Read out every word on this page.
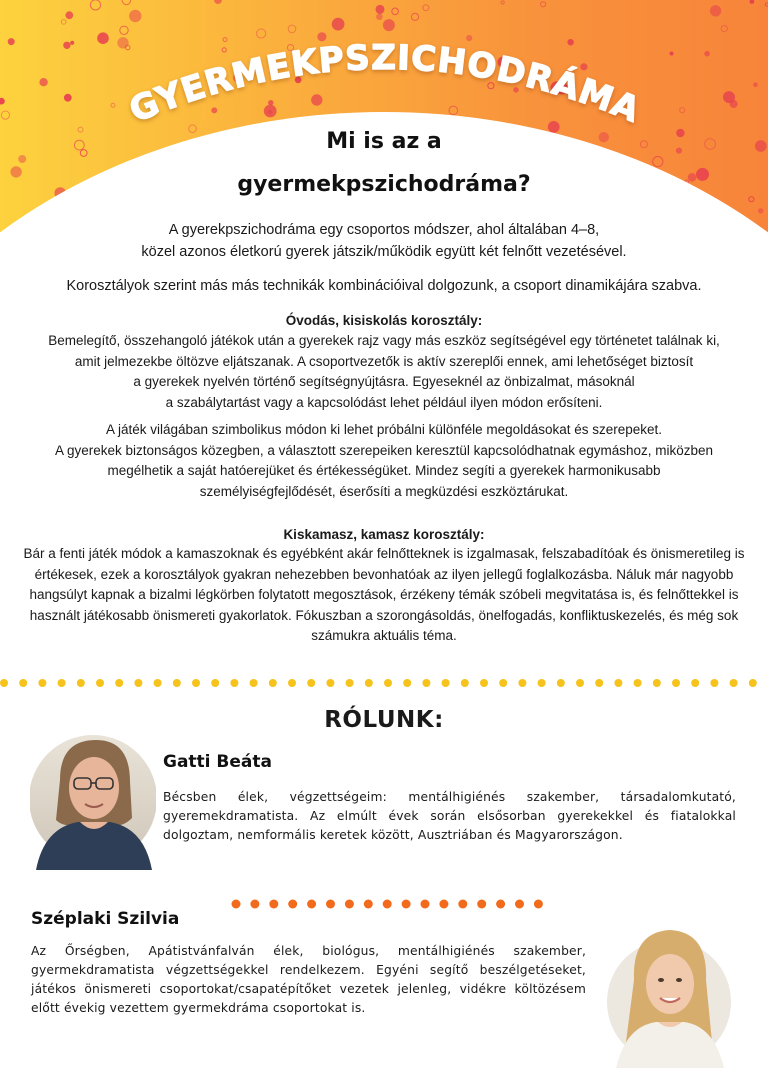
GYERMEKPSZICHODRÁMA
Mi is az a
gyermekpszichodráma?
A gyerekpszichodráma egy csoportos módszer, ahol általában 4–8,
közel azonos életkorú gyerek játszik/működik együtt két felnőtt vezetésével.
Korosztályok szerint más más technikák kombinációival dolgozunk, a csoport dinamikájára szabva.
Óvodás, kisiskolás korosztály:
Bemelegítő, összehangoló játékok után a gyerekek rajz vagy más eszköz segítségével egy történetet találnak ki,
amit jelmezekbe öltözve eljátszanak. A csoportvezetők is aktív szereplői ennek, ami lehetőséget biztosít
a gyerekek nyelvén történő segítségnyújtásra. Egyeseknél az önbizalmat, másoknál
a szabálytartást vagy a kapcsolódást lehet például ilyen módon erősíteni.
A játék világában szimbolikus módon ki lehet próbálni különféle megoldásokat és szerepeket.
A gyerekek biztonságos közegben, a választott szerepeiken keresztül kapcsolódhatnak egymáshoz, miközben
megélhetik a saját hatóerejüket és értékességüket. Mindez segíti a gyerekek harmonikusabb
személyiségfejlődését, éserősíti a megküzdési eszköztárukat.
Kiskamasz, kamasz korosztály:
Bár a fenti játék módok a kamaszoknak és egyébként akár felnőtteknek is izgalmasak, felszabadítóak és önismeretileg is
értékesek, ezek a korosztályok gyakran nehezebben bevonhatóak az ilyen jellegű foglalkozásba. Náluk már nagyobb
hangsúlyt kapnak a bizalmi légkörben folytatott megosztások, érzékeny témák szóbeli megvitatása is, és felnőttekkel is
használt játékosabb önismereti gyakorlatok. Fókuszban a szorongásoldás, önelfogadás, konfliktuskezelés, és még sok
számukra aktuális téma.
RÓLUNK:
Gatti Beáta
Bécsben élek, végzettségeim: mentálhigiénés szakember, társadalomkutató, gyeremekdramatista. Az elmúlt évek során elsősorban gyerekekkel és fiatalokkal dolgoztam, nemformális keretek között, Ausztriában és Magyarországon.
Széplaki Szilvia
Az Őrségben, Apátistvánfalván élek, biológus, mentálhigiénés szakember, gyermekdramatista végzettségekkel rendelkezem. Egyéni segítő beszélgetéseket, játékos önismereti csoportokat/csapatépítőket vezetek jelenleg, vidékre költözésem előtt évekig vezettem gyermekdráma csoportokat is.
